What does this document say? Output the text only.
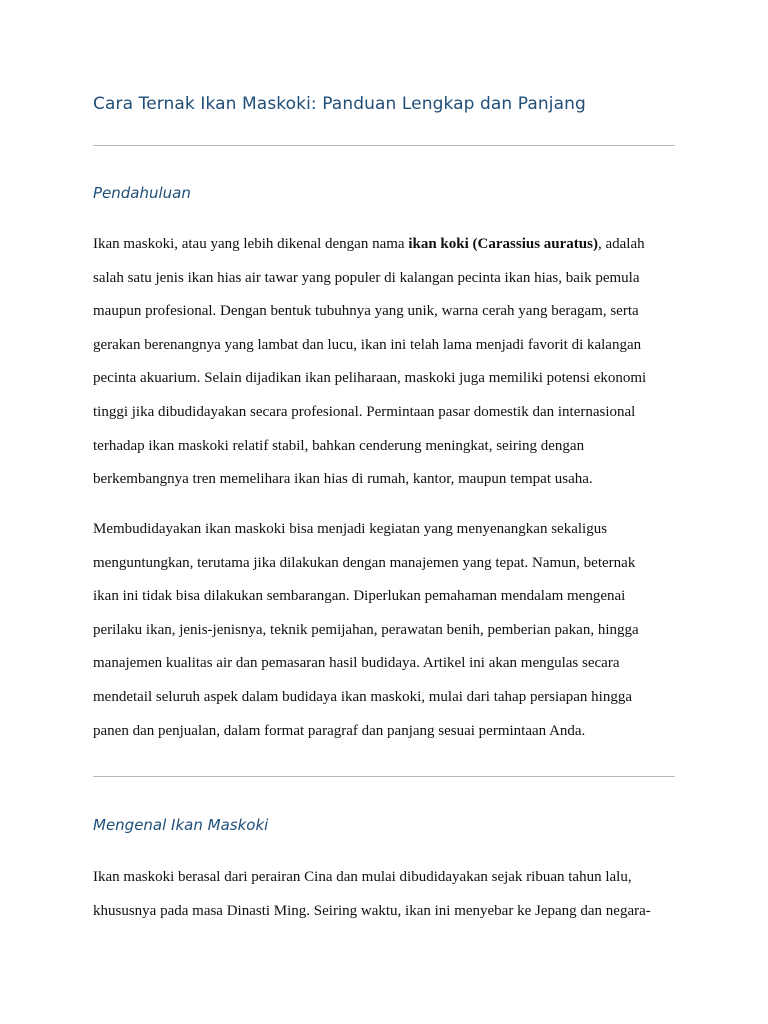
Cara Ternak Ikan Maskoki: Panduan Lengkap dan Panjang
Pendahuluan

Ikan maskoki, atau yang lebih dikenal dengan nama ikan koki (Carassius auratus), adalah
salah satu jenis ikan hias air tawar yang populer di kalangan pecinta ikan hias, baik pemula
maupun profesional. Dengan bentuk tubuhnya yang unik, warna cerah yang beragam, serta
gerakan berenangnya yang lambat dan lucu, ikan ini telah lama menjadi favorit di kalangan
pecinta akuarium. Selain dijadikan ikan peliharaan, maskoki juga memiliki potensi ekonomi
tinggi jika dibudidayakan secara profesional. Permintaan pasar domestik dan internasional
terhadap ikan maskoki relatif stabil, bahkan cenderung meningkat, seiring dengan
berkembangnya tren memelihara ikan hias di rumah, kantor, maupun tempat usaha.

Membudidayakan ikan maskoki bisa menjadi kegiatan yang menyenangkan sekaligus
menguntungkan, terutama jika dilakukan dengan manajemen yang tepat. Namun, beternak
ikan ini tidak bisa dilakukan sembarangan. Diperlukan pemahaman mendalam mengenai
perilaku ikan, jenis-jenisnya, teknik pemijahan, perawatan benih, pemberian pakan, hingga
manajemen kualitas air dan pemasaran hasil budidaya. Artikel ini akan mengulas secara
mendetail seluruh aspek dalam budidaya ikan maskoki, mulai dari tahap persiapan hingga
panen dan penjualan, dalam format paragraf dan panjang sesuai permintaan Anda.

Mengenal Ikan Maskoki

Ikan maskoki berasal dari perairan Cina dan mulai dibudidayakan sejak ribuan tahun lalu,
khususnya pada masa Dinasti Ming. Seiring waktu, ikan ini menyebar ke Jepang dan negara-
